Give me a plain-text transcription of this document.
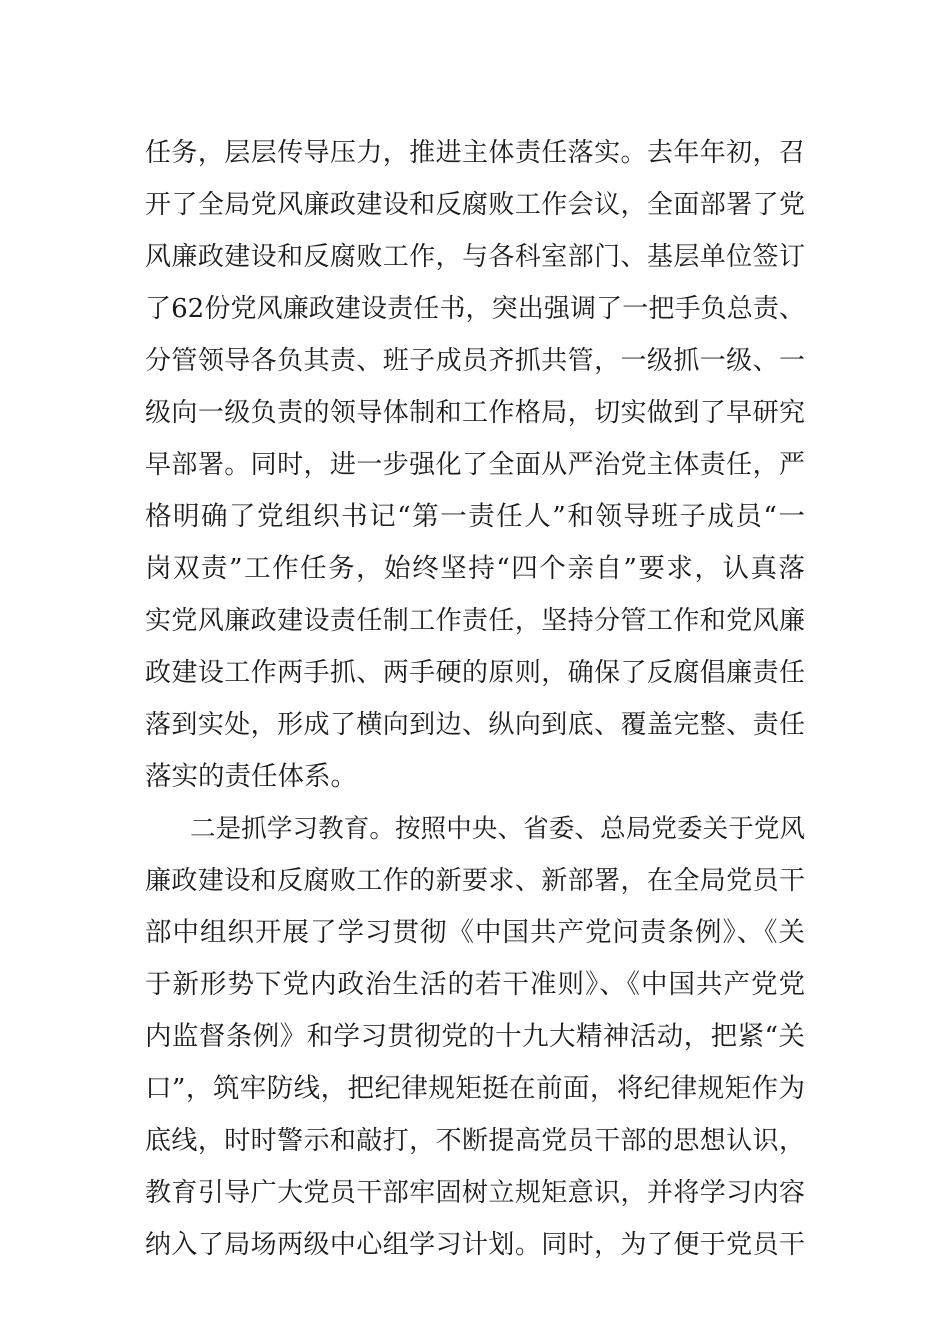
任务，层层传导压力，推进主体责任落实。去年年初，召
开了全局党风廉政建设和反腐败工作会议，全面部署了党
风廉政建设和反腐败工作，与各科室部门、基层单位签订
了62份党风廉政建设责任书，突出强调了一把手负总责、
分管领导各负其责、班子成员齐抓共管，一级抓一级、一
级向一级负责的领导体制和工作格局，切实做到了早研究
早部署。同时，进一步强化了全面从严治党主体责任，严
格明确了党组织书记“第一责任人”和领导班子成员“一
岗双责”工作任务，始终坚持“四个亲自”要求，认真落
实党风廉政建设责任制工作责任，坚持分管工作和党风廉
政建设工作两手抓、两手硬的原则，确保了反腐倡廉责任
落到实处，形成了横向到边、纵向到底、覆盖完整、责任
落实的责任体系。
二是抓学习教育。按照中央、省委、总局党委关于党风
廉政建设和反腐败工作的新要求、新部署，在全局党员干
部中组织开展了学习贯彻《中国共产党问责条例》、《关
于新形势下党内政治生活的若干准则》、《中国共产党党
内监督条例》和学习贯彻党的十九大精神活动，把紧“关
口”，筑牢防线，把纪律规矩挺在前面，将纪律规矩作为
底线，时时警示和敲打，不断提高党员干部的思想认识，
教育引导广大党员干部牢固树立规矩意识，并将学习内容
纳入了局场两级中心组学习计划。同时，为了便于党员干
